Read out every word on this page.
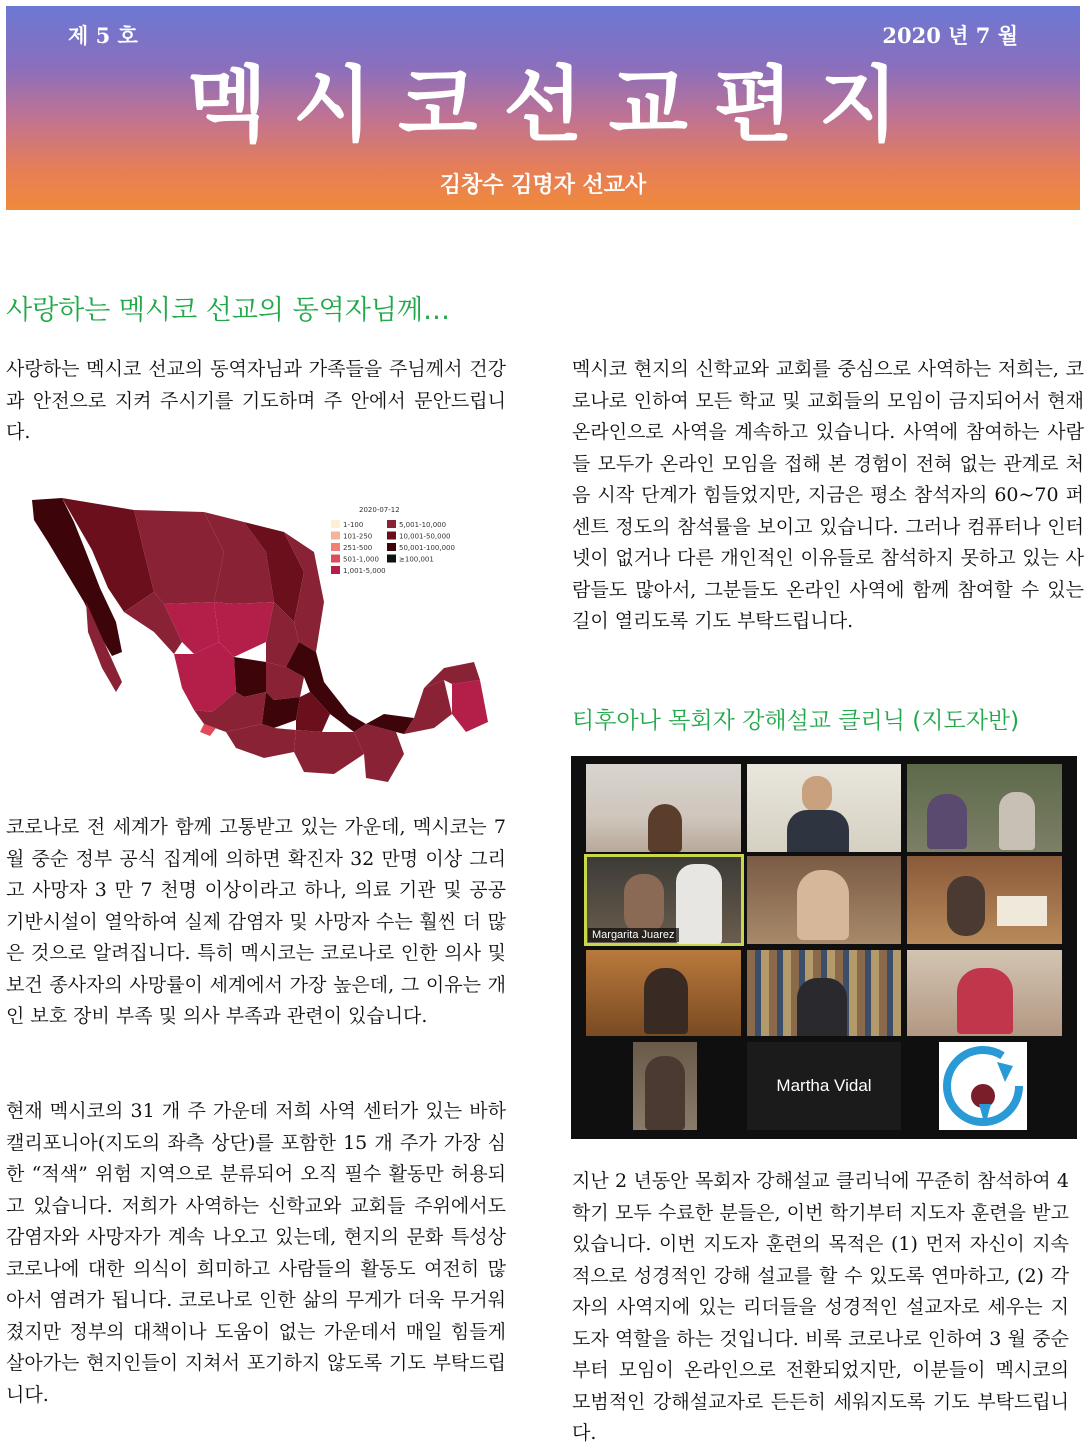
제 5 호	2020 년 7 월
멕시코선교편지
김창수 김명자 선교사
사랑하는 멕시코 선교의 동역자님께…

사랑하는 멕시코 선교의 동역자님과 가족들을 주님께서 건강과 안전으로 지켜 주시기를 기도하며 주 안에서 문안드립니다.

2020-07-12
1-100
101-250
251-500
501-1,000
1,001-5,000
5,001-10,000
10,001-50,000
50,001-100,000
≥100,001

코로나로 전 세계가 함께 고통받고 있는 가운데, 멕시코는 7 월 중순 정부 공식 집계에 의하면 확진자 32 만명 이상 그리고 사망자 3 만 7 천명 이상이라고 하나, 의료 기관 및 공공 기반시설이 열악하여 실제 감염자 및 사망자 수는 훨씬 더 많은 것으로 알려집니다. 특히 멕시코는 코로나로 인한 의사 및 보건 종사자의 사망률이 세계에서 가장 높은데, 그 이유는 개인 보호 장비 부족 및 의사 부족과 관련이 있습니다.

현재 멕시코의 31 개 주 가운데 저희 사역 센터가 있는 바하캘리포니아(지도의 좌측 상단)를 포함한 15 개 주가 가장 심한 “적색” 위험 지역으로 분류되어 오직 필수 활동만 허용되고 있습니다. 저희가 사역하는 신학교와 교회들 주위에서도 감염자와 사망자가 계속 나오고 있는데, 현지의 문화 특성상 코로나에 대한 의식이 희미하고 사람들의 활동도 여전히 많아서 염려가 됩니다. 코로나로 인한 삶의 무게가 더욱 무거워 졌지만 정부의 대책이나 도움이 없는 가운데서 매일 힘들게 살아가는 현지인들이 지쳐서 포기하지 않도록 기도 부탁드립니다.

멕시코 현지의 신학교와 교회를 중심으로 사역하는 저희는, 코로나로 인하여 모든 학교 및 교회들의 모임이 금지되어서 현재 온라인으로 사역을 계속하고 있습니다. 사역에 참여하는 사람들 모두가 온라인 모임을 접해 본 경험이 전혀 없는 관계로 처음 시작 단계가 힘들었지만, 지금은 평소 참석자의 60~70 퍼센트 정도의 참석률을 보이고 있습니다. 그러나 컴퓨터나 인터넷이 없거나 다른 개인적인 이유들로 참석하지 못하고 있는 사람들도 많아서, 그분들도 온라인 사역에 함께 참여할 수 있는 길이 열리도록 기도 부탁드립니다.

티후아나 목회자 강해설교 클리닉 (지도자반)
Margarita Juarez
Martha Vidal

지난 2 년동안 목회자 강해설교 클리닉에 꾸준히 참석하여 4 학기 모두 수료한 분들은, 이번 학기부터 지도자 훈련을 받고 있습니다. 이번 지도자 훈련의 목적은 (1) 먼저 자신이 지속적으로 성경적인 강해 설교를 할 수 있도록 연마하고, (2) 각자의 사역지에 있는 리더들을 성경적인 설교자로 세우는 지도자 역할을 하는 것입니다. 비록 코로나로 인하여 3 월 중순부터 모임이 온라인으로 전환되었지만, 이분들이 멕시코의 모범적인 강해설교자로 든든히 세워지도록 기도 부탁드립니다.
